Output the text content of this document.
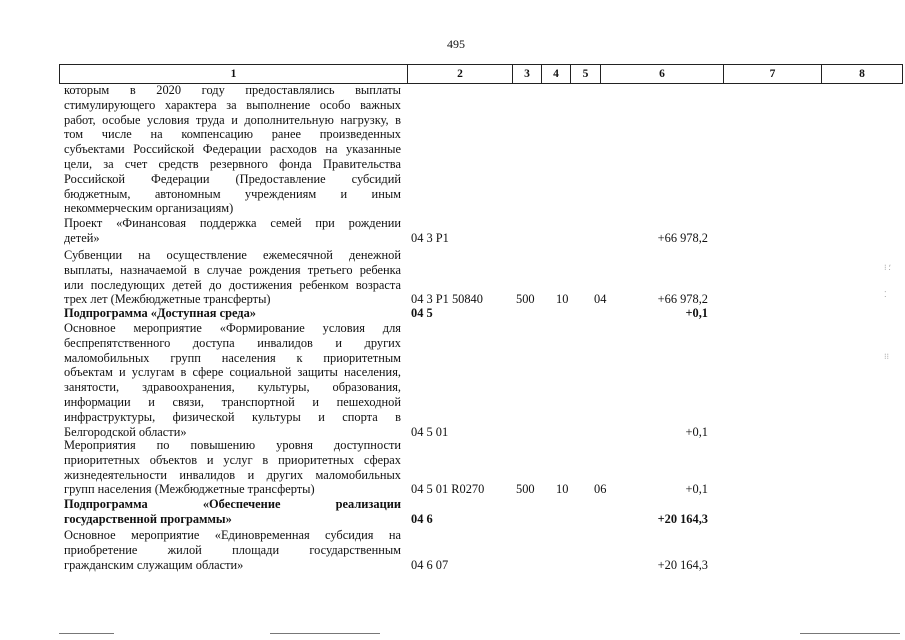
495
1	2	3	4	5	6	7	8
которым в 2020 году предоставлялись выплаты
стимулирующего характера за выполнение особо важных
работ, особые условия труда и дополнительную нагрузку, в
том числе на компенсацию ранее произведенных
субъектами Российской Федерации расходов на указанные
цели, за счет средств резервного фонда Правительства
Российской Федерации (Предоставление субсидий
бюджетным, автономным учреждениям и иным
некоммерческим организациям)
Проект «Финансовая поддержка семей при рождении
детей»	04 3 P1	+66 978,2
Субвенции на осуществление ежемесячной денежной
выплаты, назначаемой в случае рождения третьего ребенка
или последующих детей до достижения ребенком возраста
трех лет (Межбюджетные трансферты)	04 3 P1 50840	500 10 04	+66 978,2
Подпрограмма «Доступная среда»	04 5	+0,1
Основное мероприятие «Формирование условия для
беспрепятственного доступа инвалидов и других
маломобильных групп населения к приоритетным
объектам и услугам в сфере социальной защиты населения,
занятости, здравоохранения, культуры, образования,
информации и связи, транспортной и пешеходной
инфраструктуры, физической культуры и спорта в
Белгородской области»	04 5 01	+0,1
Мероприятия по повышению уровня доступности
приоритетных объектов и услуг в приоритетных сферах
жизнедеятельности инвалидов и других маломобильных
групп населения (Межбюджетные трансферты)	04 5 01 R0270	500 10 06	+0,1
Подпрограмма «Обеспечение реализации
государственной программы»	04 6	+20 164,3
Основное мероприятие «Единовременная субсидия на
приобретение жилой площади государственным
гражданским служащим области»	04 6 07	+20 164,3
⁝ ⸵
⁚
⁝⁝
